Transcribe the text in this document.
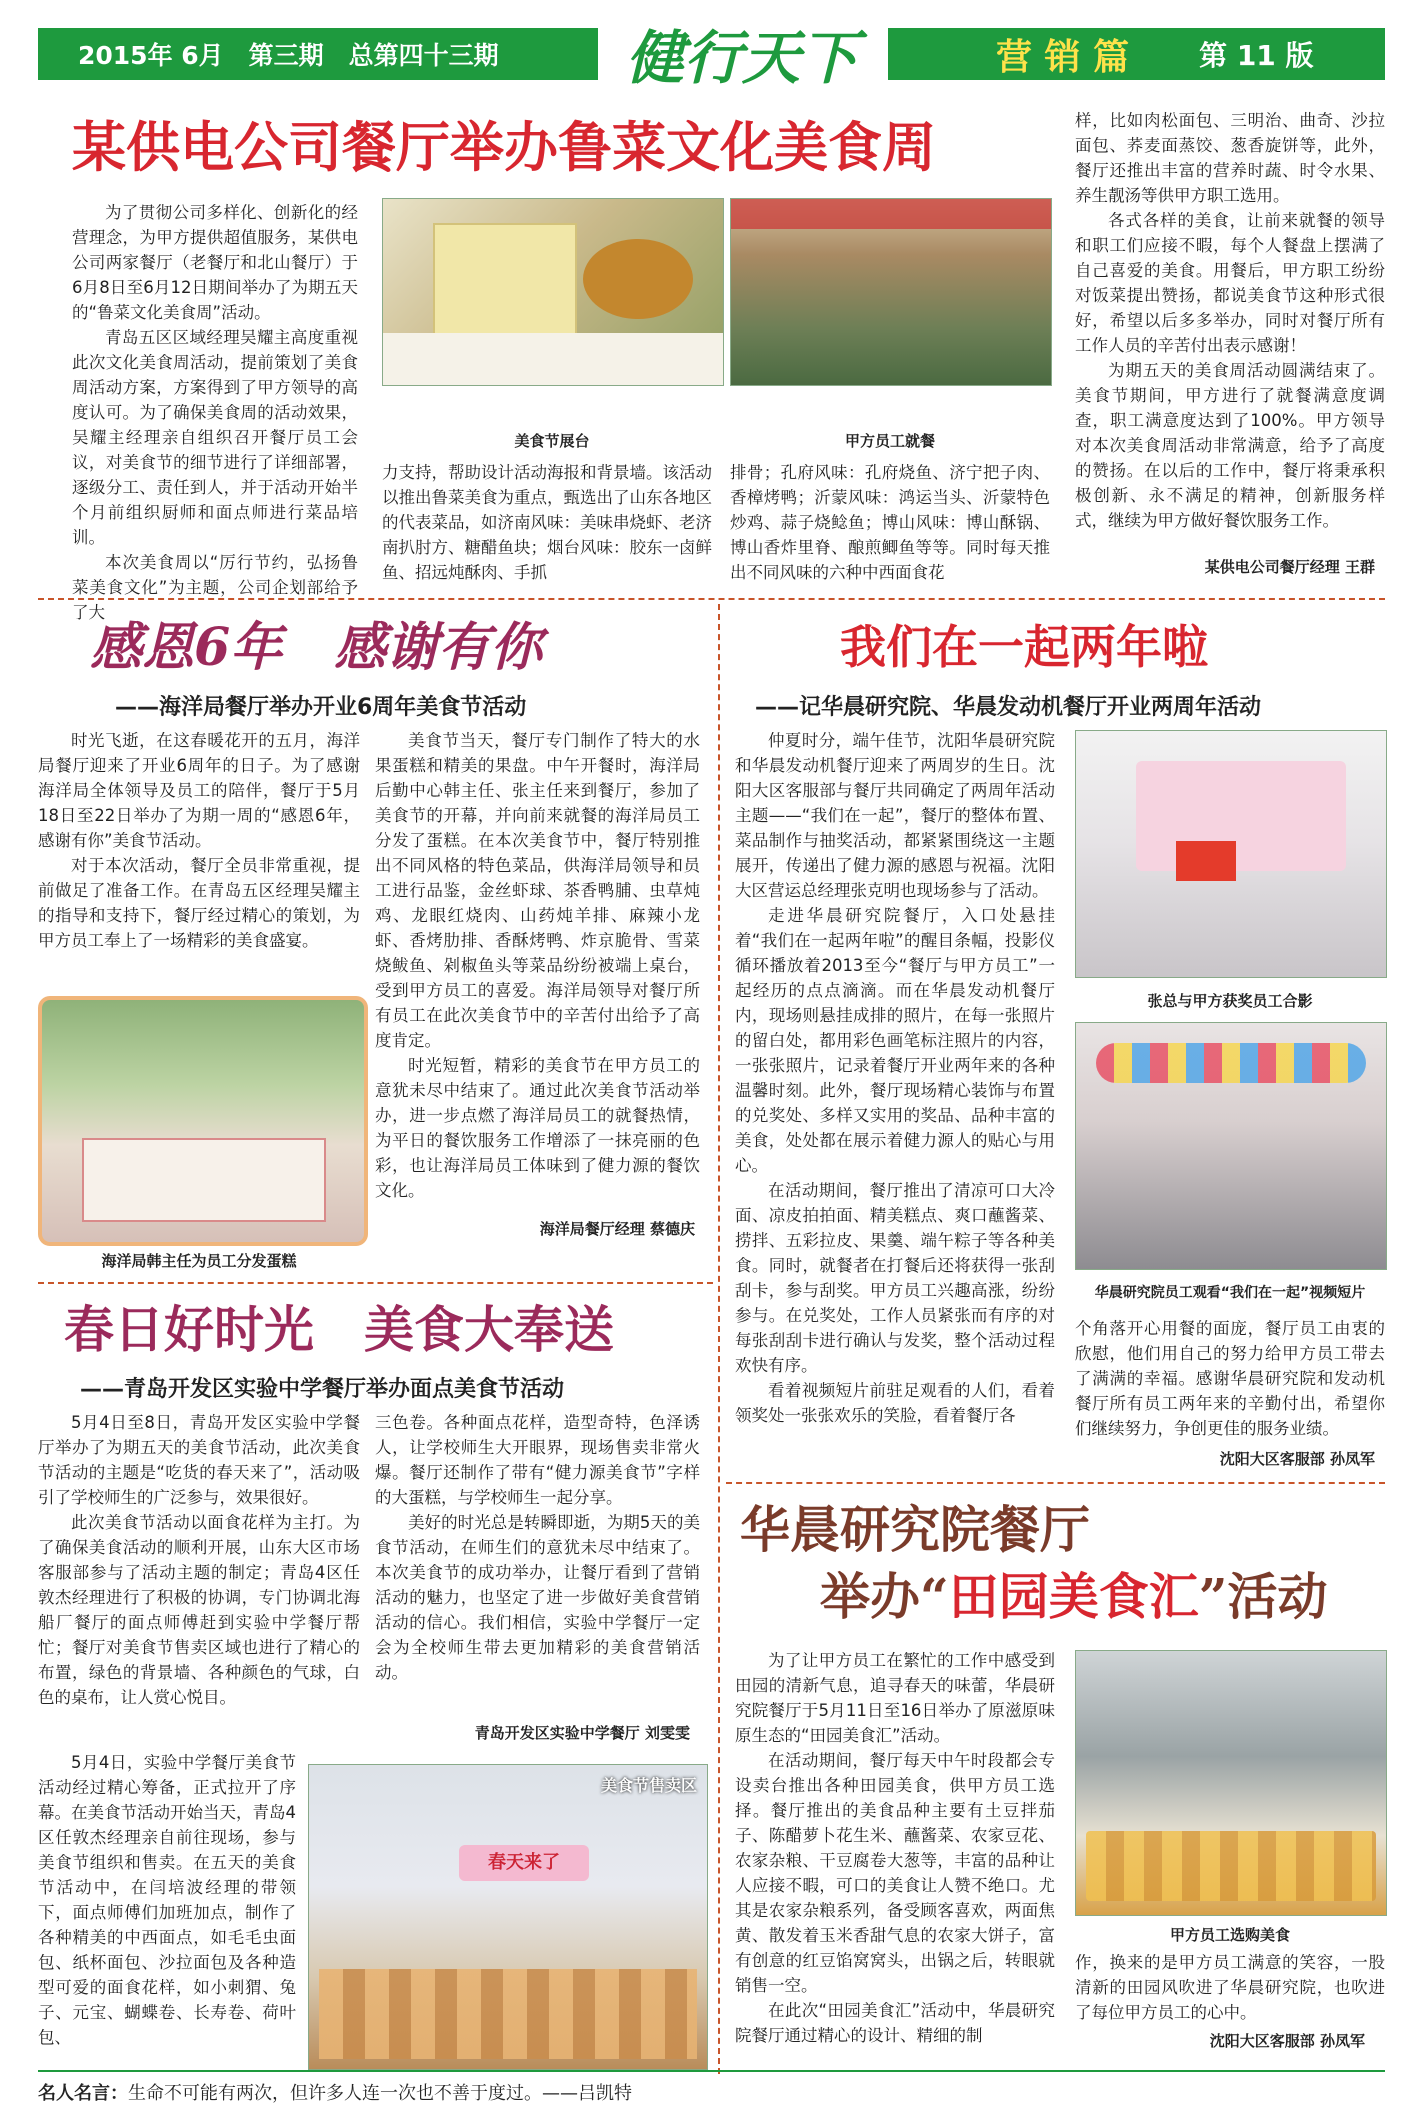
2015年 6月　第三期　总第四十三期 健行天下	营 销 篇	第 11 版
某供电公司餐厅举办鲁菜文化美食周

为了贯彻公司多样化、创新化的经营理念，为甲方提供超值服务，某供电公司两家餐厅（老餐厅和北山餐厅）于6月8日至6月12日期间举办了为期五天的“鲁菜文化美食周”活动。

青岛五区区域经理吴耀主高度重视此次文化美食周活动，提前策划了美食周活动方案，方案得到了甲方领导的高度认可。为了确保美食周的活动效果，吴耀主经理亲自组织召开餐厅员工会议，对美食节的细节进行了详细部署，逐级分工、责任到人，并于活动开始半个月前组织厨师和面点师进行菜品培训。

本次美食周以“厉行节约，弘扬鲁菜美食文化”为主题，公司企划部给予了大

美食节展台	甲方员工就餐
力支持，帮助设计活动海报和背景墙。该活动以推出鲁菜美食为重点，甄选出了山东各地区的代表菜品，如济南风味：美味串烧虾、老济南扒肘方、糖醋鱼块；烟台风味：胶东一卤鲜鱼、招远炖酥肉、手抓
排骨；孔府风味：孔府烧鱼、济宁把子肉、香樟烤鸭；沂蒙风味：鸿运当头、沂蒙特色炒鸡、蒜子烧鲶鱼；博山风味：博山酥锅、博山香炸里脊、酿煎鲫鱼等等。同时每天推出不同风味的六种中西面食花
样，比如肉松面包、三明治、曲奇、沙拉面包、荞麦面蒸饺、葱香旋饼等，此外，餐厅还推出丰富的营养时蔬、时令水果、养生靓汤等供甲方职工选用。

各式各样的美食，让前来就餐的领导和职工们应接不暇，每个人餐盘上摆满了自己喜爱的美食。用餐后，甲方职工纷纷对饭菜提出赞扬，都说美食节这种形式很好，希望以后多多举办，同时对餐厅所有工作人员的辛苦付出表示感谢！

为期五天的美食周活动圆满结束了。美食节期间，甲方进行了就餐满意度调查，职工满意度达到了100%。甲方领导对本次美食周活动非常满意，给予了高度的赞扬。在以后的工作中，餐厅将秉承积极创新、永不满足的精神，创新服务样式，继续为甲方做好餐饮服务工作。

某供电公司餐厅经理 王群
感恩6年　感谢有你
——海洋局餐厅举办开业6周年美食节活动

时光飞逝，在这春暖花开的五月，海洋局餐厅迎来了开业6周年的日子。为了感谢海洋局全体领导及员工的陪伴，餐厅于5月18日至22日举办了为期一周的“感恩6年，感谢有你”美食节活动。

对于本次活动，餐厅全员非常重视，提前做足了准备工作。在青岛五区经理吴耀主的指导和支持下，餐厅经过精心的策划，为甲方员工奉上了一场精彩的美食盛宴。

海洋局韩主任为员工分发蛋糕

美食节当天，餐厅专门制作了特大的水果蛋糕和精美的果盘。中午开餐时，海洋局后勤中心韩主任、张主任来到餐厅，参加了美食节的开幕，并向前来就餐的海洋局员工分发了蛋糕。在本次美食节中，餐厅特别推出不同风格的特色菜品，供海洋局领导和员工进行品鉴，金丝虾球、茶香鸭脯、虫草炖鸡、龙眼红烧肉、山药炖羊排、麻辣小龙虾、香烤肋排、香酥烤鸭、炸京脆骨、雪菜烧鲅鱼、剁椒鱼头等菜品纷纷被端上桌台，受到甲方员工的喜爱。海洋局领导对餐厅所有员工在此次美食节中的辛苦付出给予了高度肯定。

时光短暂，精彩的美食节在甲方员工的意犹未尽中结束了。通过此次美食节活动举办，进一步点燃了海洋局员工的就餐热情，为平日的餐饮服务工作增添了一抹亮丽的色彩，也让海洋局员工体味到了健力源的餐饮文化。

海洋局餐厅经理 蔡德庆
我们在一起两年啦
——记华晨研究院、华晨发动机餐厅开业两周年活动

仲夏时分，端午佳节，沈阳华晨研究院和华晨发动机餐厅迎来了两周岁的生日。沈阳大区客服部与餐厅共同确定了两周年活动主题——“我们在一起”，餐厅的整体布置、菜品制作与抽奖活动，都紧紧围绕这一主题展开，传递出了健力源的感恩与祝福。沈阳大区营运总经理张克明也现场参与了活动。

走进华晨研究院餐厅，入口处悬挂着“我们在一起两年啦”的醒目条幅，投影仪循环播放着2013至今“餐厅与甲方员工”一起经历的点点滴滴。而在华晨发动机餐厅内，现场则悬挂成排的照片，在每一张照片的留白处，都用彩色画笔标注照片的内容，一张张照片，记录着餐厅开业两年来的各种温馨时刻。此外，餐厅现场精心装饰与布置的兑奖处、多样又实用的奖品、品种丰富的美食，处处都在展示着健力源人的贴心与用心。

在活动期间，餐厅推出了清凉可口大冷面、凉皮拍拍面、精美糕点、爽口蘸酱菜、捞拌、五彩拉皮、果羹、端午粽子等各种美食。同时，就餐者在打餐后还将获得一张刮刮卡，参与刮奖。甲方员工兴趣高涨，纷纷参与。在兑奖处，工作人员紧张而有序的对每张刮刮卡进行确认与发奖，整个活动过程欢快有序。

看着视频短片前驻足观看的人们，看着领奖处一张张欢乐的笑脸，看着餐厅各

张总与甲方获奖员工合影
华晨研究院员工观看“我们在一起”视频短片
个角落开心用餐的面庞，餐厅员工由衷的欣慰，他们用自己的努力给甲方员工带去了满满的幸福。感谢华晨研究院和发动机餐厅所有员工两年来的辛勤付出，希望你们继续努力，争创更佳的服务业绩。
沈阳大区客服部 孙凤军
春日好时光　美食大奉送
——青岛开发区实验中学餐厅举办面点美食节活动

5月4日至8日，青岛开发区实验中学餐厅举办了为期五天的美食节活动，此次美食节活动的主题是“吃货的春天来了”，活动吸引了学校师生的广泛参与，效果很好。

此次美食节活动以面食花样为主打。为了确保美食活动的顺利开展，山东大区市场客服部参与了活动主题的制定；青岛4区任敦杰经理进行了积极的协调，专门协调北海船厂餐厅的面点师傅赶到实验中学餐厅帮忙；餐厅对美食节售卖区域也进行了精心的布置，绿色的背景墙、各种颜色的气球，白色的桌布，让人赏心悦目。

三色卷。各种面点花样，造型奇特，色泽诱人，让学校师生大开眼界，现场售卖非常火爆。餐厅还制作了带有“健力源美食节”字样的大蛋糕，与学校师生一起分享。

美好的时光总是转瞬即逝，为期5天的美食节活动，在师生们的意犹未尽中结束了。本次美食节的成功举办，让餐厅看到了营销活动的魅力，也坚定了进一步做好美食营销活动的信心。我们相信，实验中学餐厅一定会为全校师生带去更加精彩的美食营销活动。

青岛开发区实验中学餐厅 刘雯雯

5月4日，实验中学餐厅美食节活动经过精心筹备，正式拉开了序幕。在美食节活动开始当天，青岛4区任敦杰经理亲自前往现场，参与美食节组织和售卖。在五天的美食节活动中，在闫培波经理的带领下，面点师傅们加班加点，制作了各种精美的中西面点，如毛毛虫面包、纸杯面包、沙拉面包及各种造型可爱的面食花样，如小刺猬、兔子、元宝、蝴蝶卷、长寿卷、荷叶包、

美食节售卖区
春天来了
华晨研究院餐厅
举办“田园美食汇”活动

为了让甲方员工在繁忙的工作中感受到田园的清新气息，追寻春天的味蕾，华晨研究院餐厅于5月11日至16日举办了原滋原味原生态的“田园美食汇”活动。

在活动期间，餐厅每天中午时段都会专设卖台推出各种田园美食，供甲方员工选择。餐厅推出的美食品种主要有土豆拌茄子、陈醋萝卜花生米、蘸酱菜、农家豆花、农家杂粮、干豆腐卷大葱等，丰富的品种让人应接不暇，可口的美食让人赞不绝口。尤其是农家杂粮系列，备受顾客喜欢，两面焦黄、散发着玉米香甜气息的农家大饼子，富有创意的红豆馅窝窝头，出锅之后，转眼就销售一空。

在此次“田园美食汇”活动中，华晨研究院餐厅通过精心的设计、精细的制

甲方员工选购美食
作，换来的是甲方员工满意的笑容，一股清新的田园风吹进了华晨研究院，也吹进了每位甲方员工的心中。
沈阳大区客服部 孙凤军
名人名言：生命不可能有两次，但许多人连一次也不善于度过。——吕凯特
